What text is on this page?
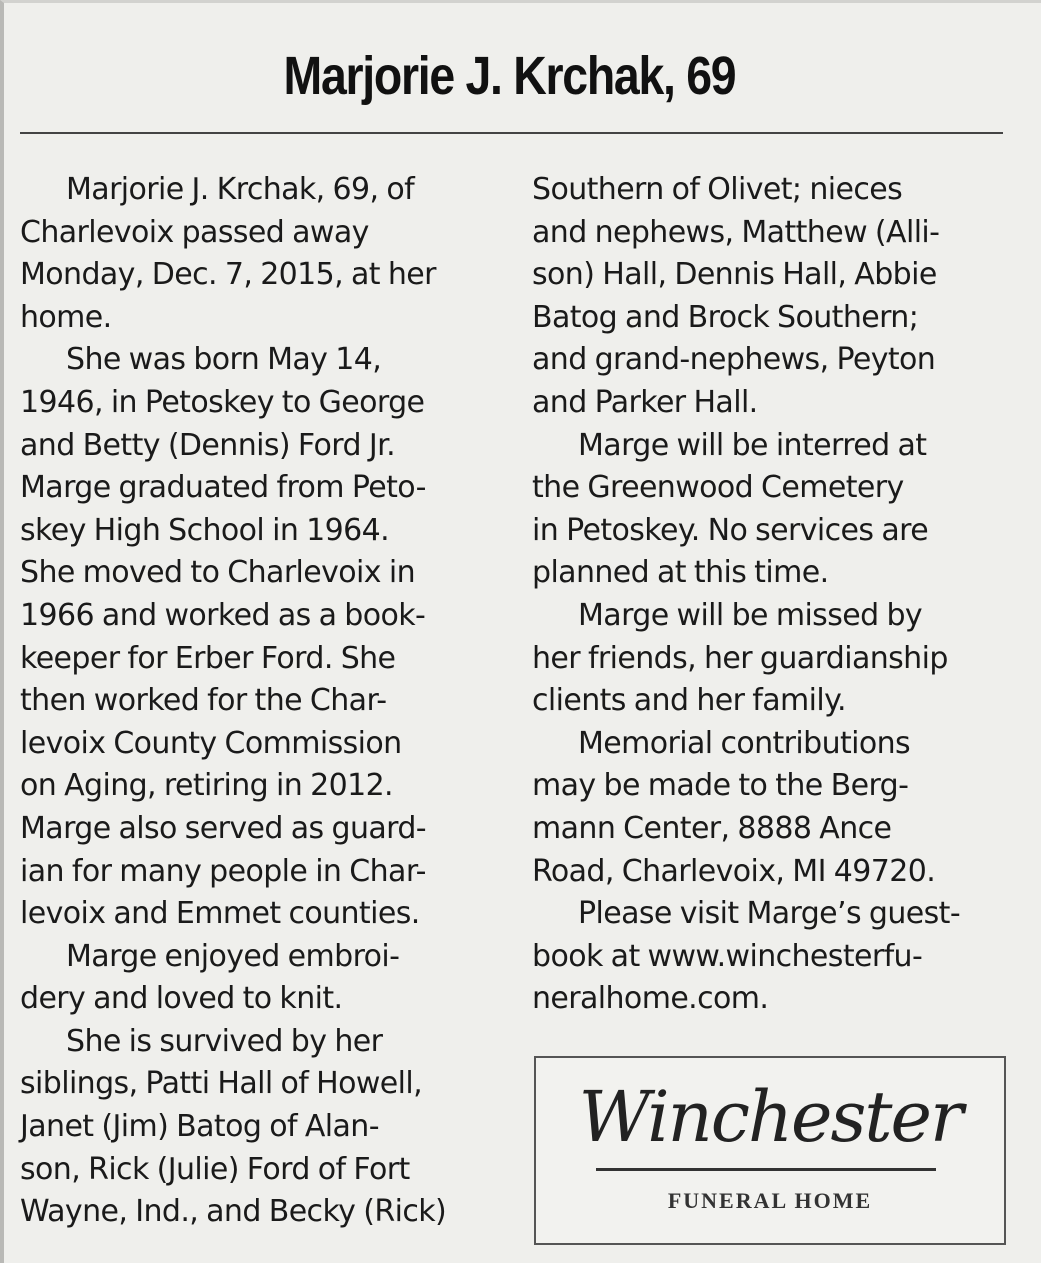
Marjorie J. Krchak, 69
Marjorie J. Krchak, 69, of
Charlevoix passed away
Monday, Dec. 7, 2015, at her
home.
She was born May 14,
1946, in Petoskey to George
and Betty (Dennis) Ford Jr.
Marge graduated from Peto-
skey High School in 1964.
She moved to Charlevoix in
1966 and worked as a book-
keeper for Erber Ford. She
then worked for the Char-
levoix County Commission
on Aging, retiring in 2012.
Marge also served as guard-
ian for many people in Char-
levoix and Emmet counties.
Marge enjoyed embroi-
dery and loved to knit.
She is survived by her
siblings, Patti Hall of Howell,
Janet (Jim) Batog of Alan-
son, Rick (Julie) Ford of Fort
Wayne, Ind., and Becky (Rick)
Southern of Olivet; nieces
and nephews, Matthew (Alli-
son) Hall, Dennis Hall, Abbie
Batog and Brock Southern;
and grand-nephews, Peyton
and Parker Hall.
Marge will be interred at
the Greenwood Cemetery
in Petoskey. No services are
planned at this time.
Marge will be missed by
her friends, her guardianship
clients and her family.
Memorial contributions
may be made to the Berg-
mann Center, 8888 Ance
Road, Charlevoix, MI 49720.
Please visit Marge’s guest-
book at www.winchesterfu-
neralhome.com.
Winchester
FUNERAL HOME
